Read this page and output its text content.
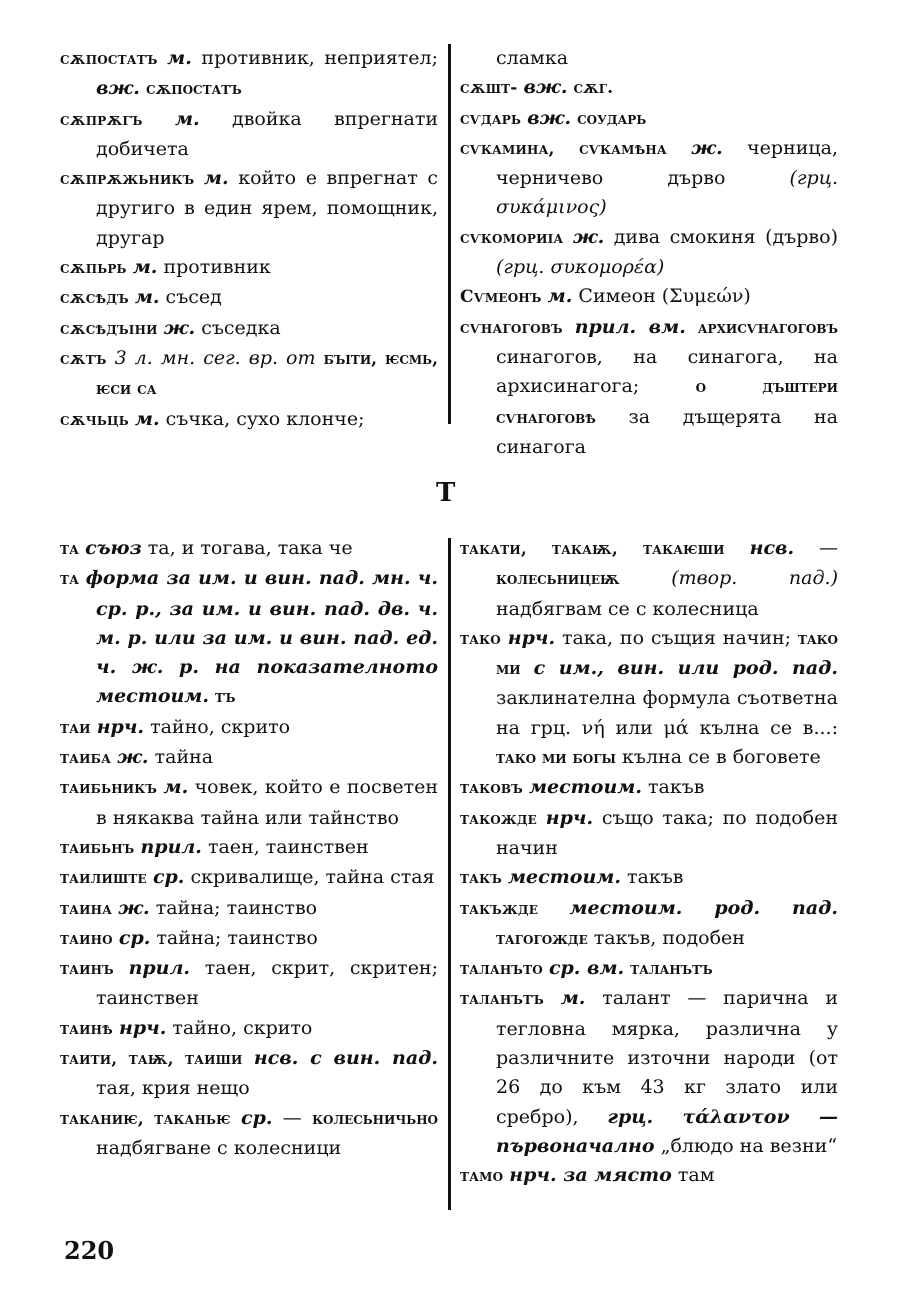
сѫпостатъ м. противник, неприятел; вж. сѫпостатъ
сѫпрѫгъ м. двойка впрегнати добичета
сѫпрѫжьникъ м. който е впрегнат с другиго в един ярем, помощник, другар
сѫпьрь м. противник
сѫсѣдъ м. съсед
сѫсѣдъіни ж. съседка
сѫтъ 3 л. мн. сег. вр. от бъіти, ѥсмь, ѥси са
сѫчьць м. съчка, сухо клонче;
сламка
сѫшт- вж. сѫг.
сѵдарь вж. соударь
сѵкамина, сѵкамѣна ж. черница, черничево дърво	(грц. συκάμινος)
сѵкомориіа ж. дива смокиня (дърво) (грц. συκομορέα)
Сѵмеонъ м. Симеон (Συμεών)
сѵнагоговъ прил. вм. архисѵнагоговъ синагогов, на синагога, на архисинагога;	о дъштери сѵнагоговѣ за дъщерята на синагога
Т
та съюз та, и тогава, така че
та форма за им. и вин. пад. мн. ч. ср. р., за им. и вин. пад. дв. ч. м. р. или за им. и вин. пад. ед. ч. ж. р. на показателното местоим. тъ
таи нрч. тайно, скрито
таиба ж. тайна
таибьникъ м. човек, който е посветен в някаква тайна или тайнство
таибьнъ прил. таен, таинствен
таилиште ср. скривалище, тайна стая
таина ж. тайна; таинство
таино ср. тайна; таинство
таинъ прил. таен, скрит, скритен; таинствен
таинѣ нрч. тайно, скрито
таити, таѭ, таиши нсв. с вин. пад. тая, крия нещо
таканиѥ, таканьѥ ср. — колесьничьно надбягване с колесници
такати, такаѭ, такаѥши нсв. — колесьницеѭ	(твор. пад.) надбягвам се с колесница
тако нрч. така, по същия начин; тако ми с им., вин. или род. пад. заклинателна формула съответна на грц. νή или μά кълна се в...: тако ми богы кълна се в боговете
таковъ местоим. такъв
такожде нрч. също така; по подобен начин
такъ местоим. такъв
такъжде местоим. род. пад. тагогожде такъв, подобен
таланъто ср. вм. таланътъ
таланътъ м. талант — парична и тегловна мярка, различна у различните източни народи (от 26 до към 43 кг злато или сребро), грц. τάλαντον — първоначално „блюдо на везни“
тамо нрч. за място там
220
